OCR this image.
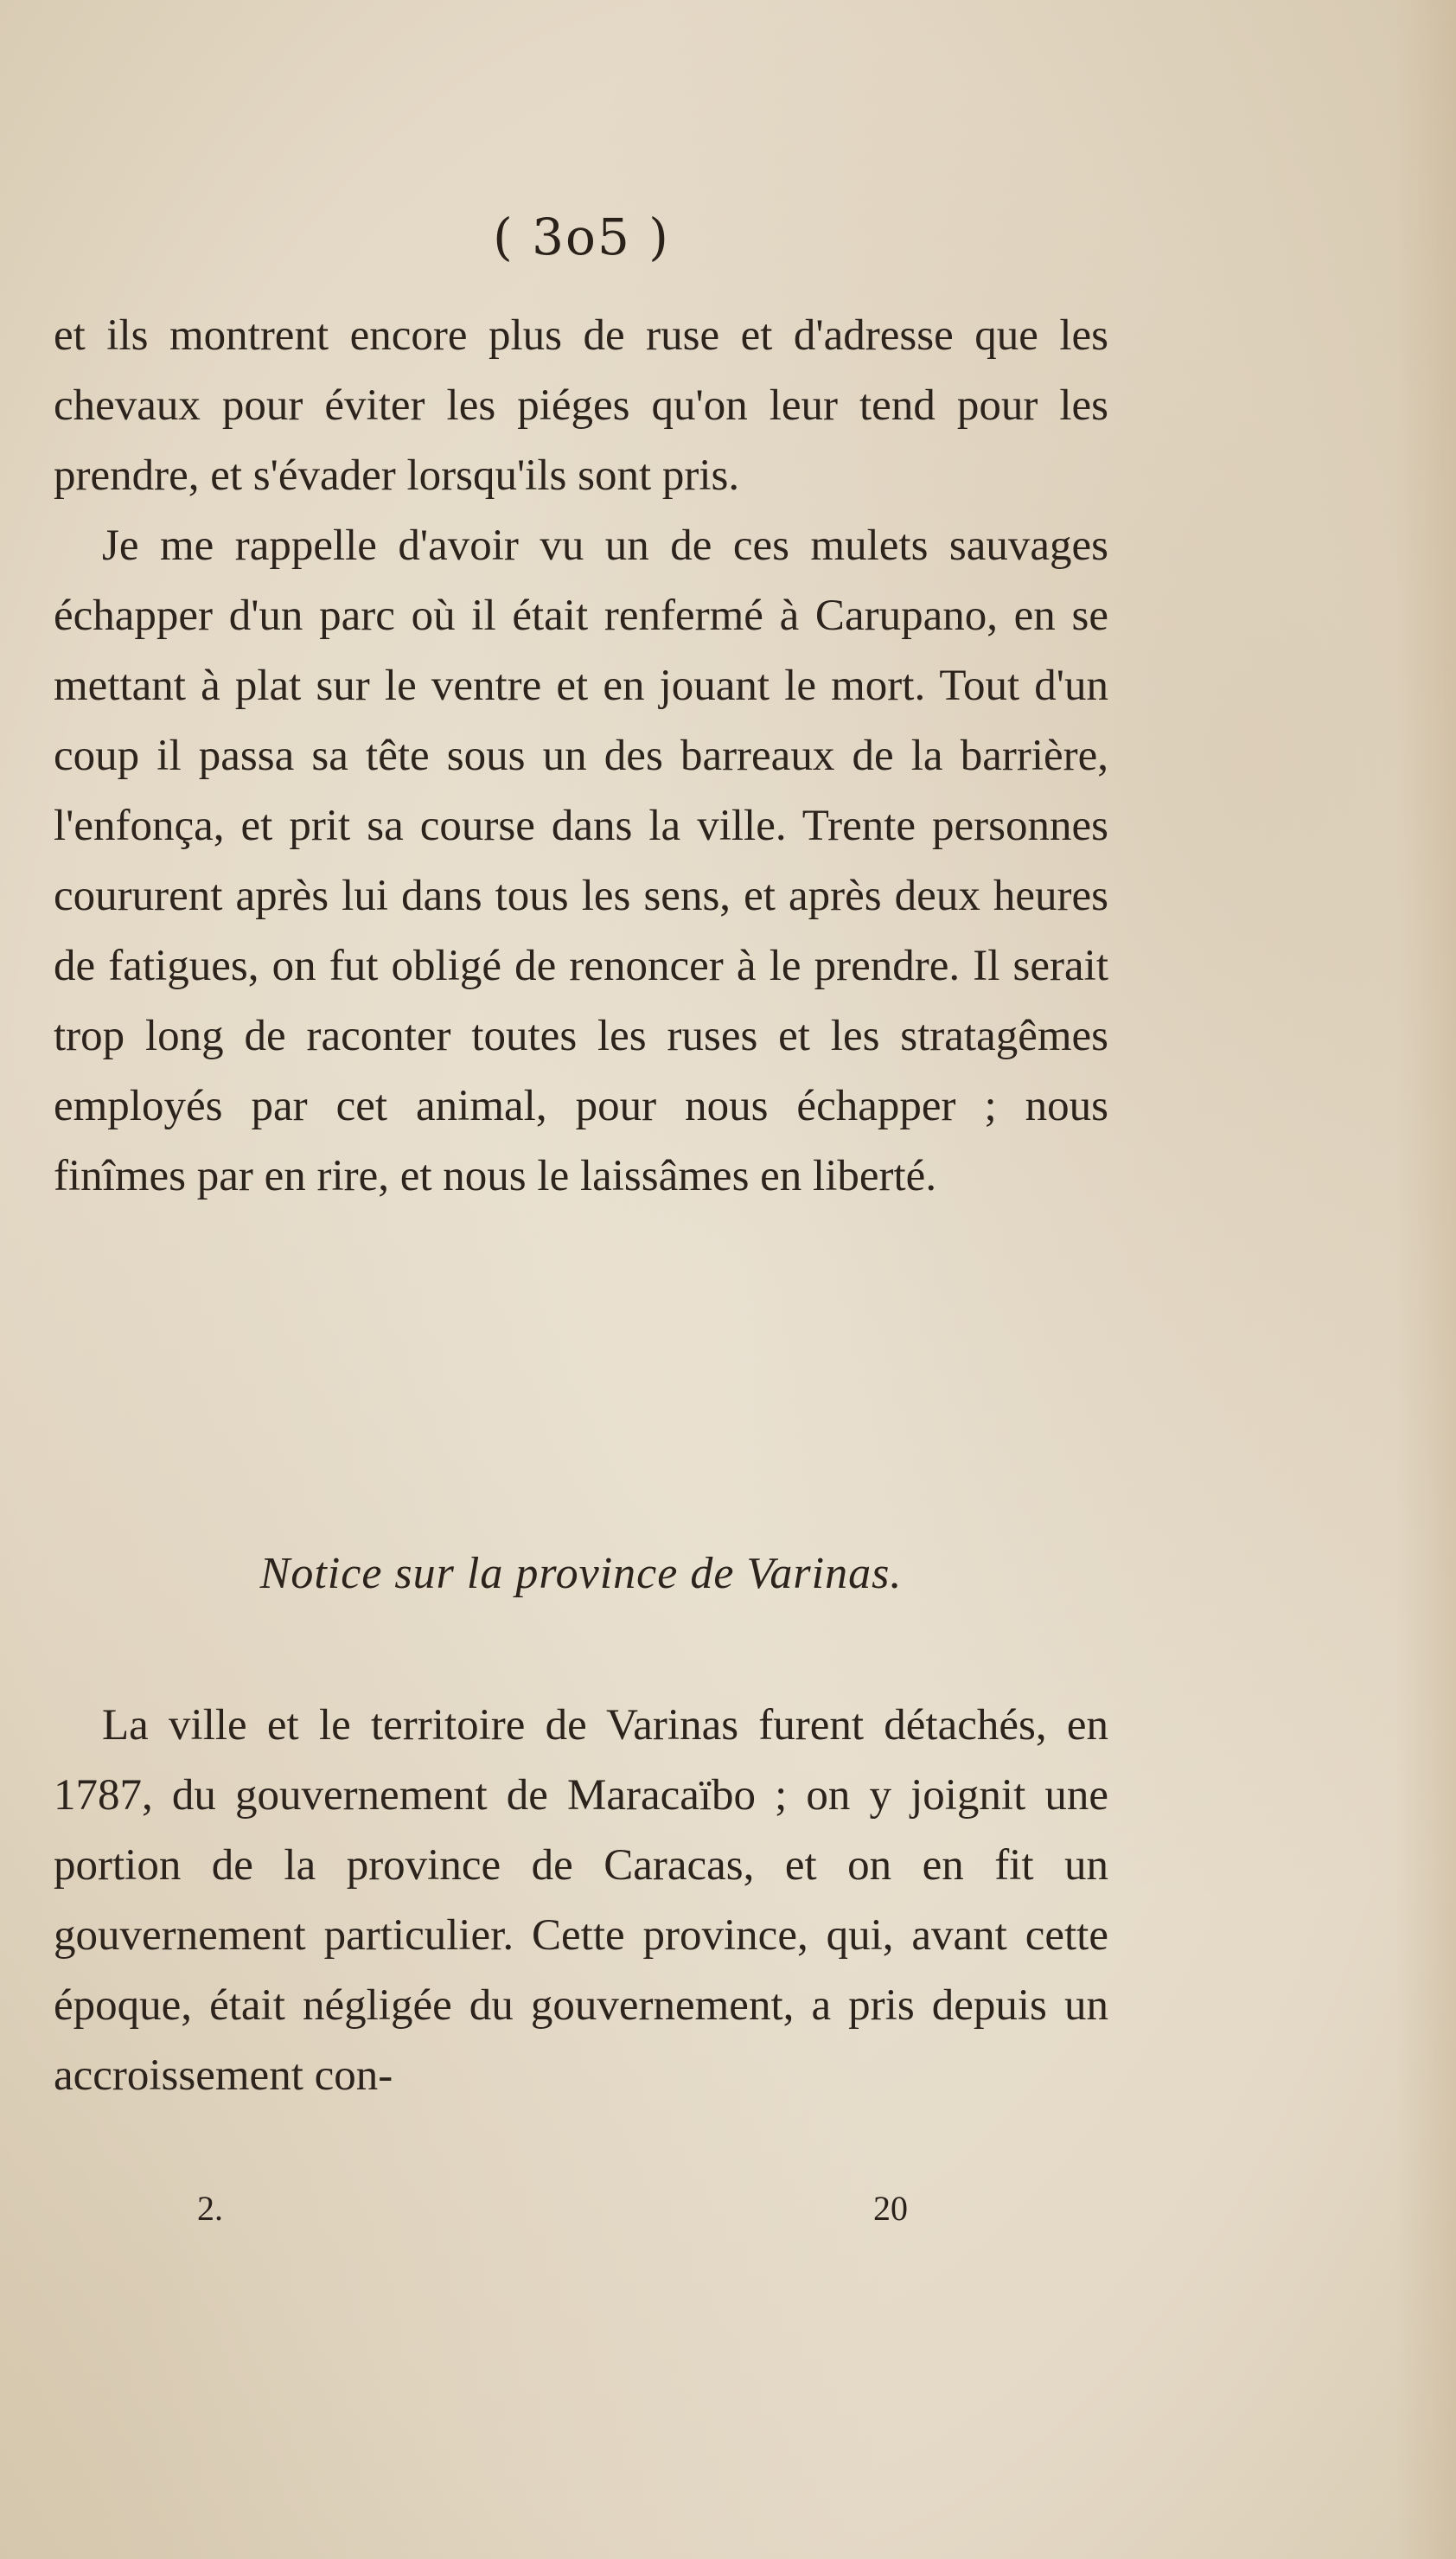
( 3o5 )

et ils montrent encore plus de ruse et d'adresse que les chevaux pour éviter les piéges qu'on leur tend pour les prendre, et s'évader lorsqu'ils sont pris.

Je me rappelle d'avoir vu un de ces mulets sauvages échapper d'un parc où il était renfermé à Carupano, en se mettant à plat sur le ventre et en jouant le mort. Tout d'un coup il passa sa tête sous un des barreaux de la barrière, l'enfonça, et prit sa course dans la ville. Trente personnes coururent après lui dans tous les sens, et après deux heures de fatigues, on fut obligé de renoncer à le prendre. Il serait trop long de raconter toutes les ruses et les stratagêmes employés par cet animal, pour nous échapper ; nous finîmes par en rire, et nous le laissâmes en liberté.

Notice sur la province de Varinas.

La ville et le territoire de Varinas furent détachés, en 1787, du gouvernement de Maracaïbo ; on y joignit une portion de la province de Caracas, et on en fit un gouvernement particulier. Cette province, qui, avant cette époque, était négligée du gouvernement, a pris depuis un accroissement con-

2.	20
